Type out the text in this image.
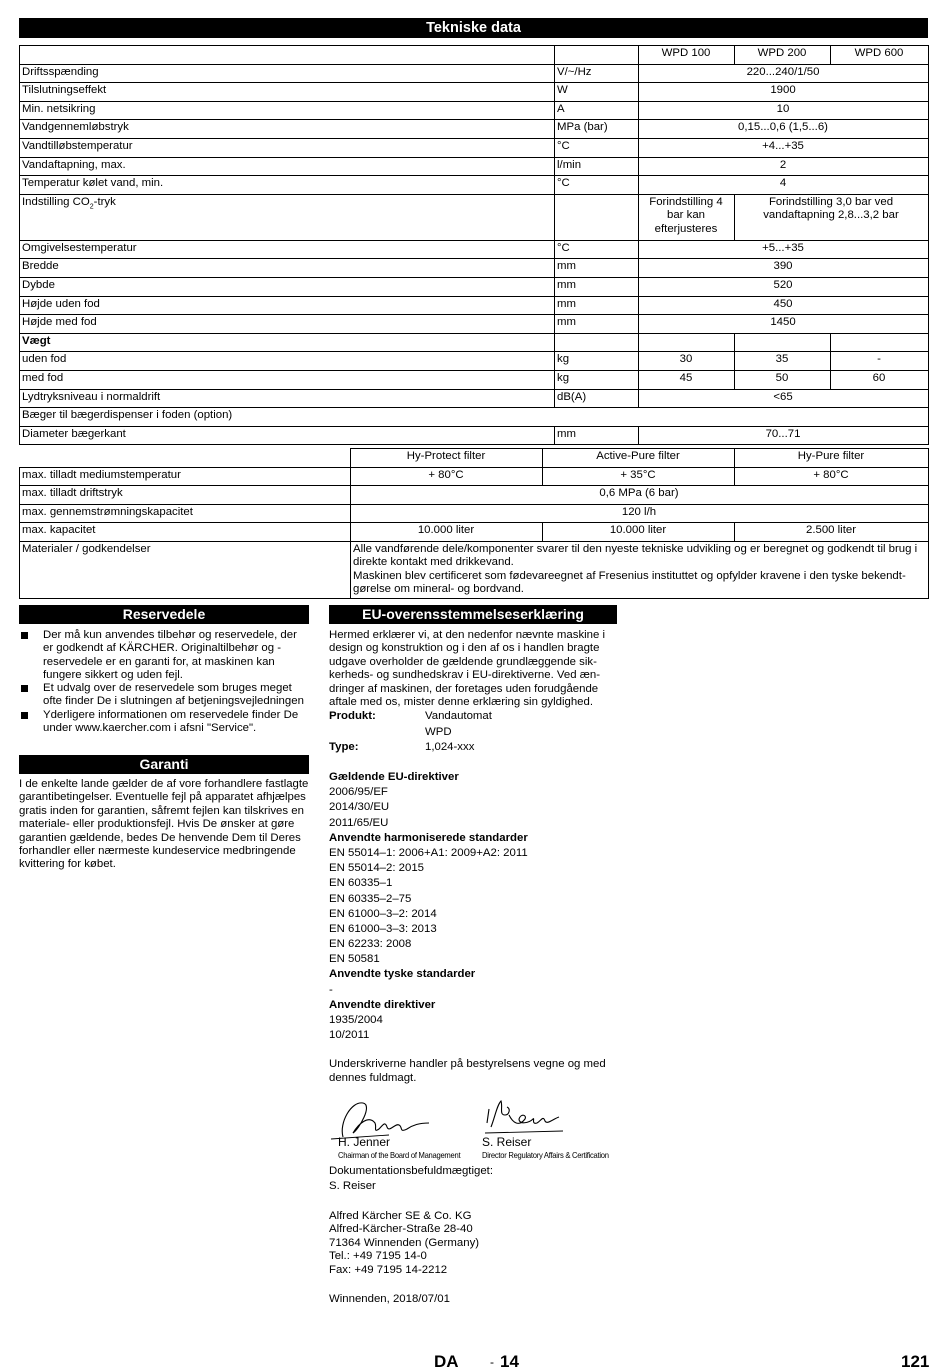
Tekniske data
		WPD 100	WPD 200	WPD 600
Driftsspænding	V/~/Hz	220...240/1/50		
Tilslutningseffekt	W	1900		
Min. netsikring	A	10		
Vandgennemløbstryk	MPa (bar)	0,15...0,6 (1,5...6)		
Vandtilløbstemperatur	°C	+4...+35		
Vandaftapning, max.	l/min	2		
Temperatur kølet vand, min.	°C	4		
Indstilling $CO_2$-tryk		Forindstilling 4 bar kan efterjusteres	Forindstilling 3,0 bar ved vandaftapning 2,8...3,2 bar	
Omgivelsestemperatur	°C	+5...+35		
Bredde	mm	390		
Dybde	mm	520		
Højde uden fod	mm	450		
Højde med fod	mm	1450		
Vægt				
uden fod	kg	30	35	-
med fod	kg	45	50	60
Lydtryksniveau i normaldrift	dB(A)	<65		
Bæger til bægerdispenser i foden (option)				
Diameter bægerkant	mm	70...71		
	Hy-Protect filter	Active-Pure filter	Hy-Pure filter
max. tilladt mediumstemperatur	+ 80°C	+ 35°C	+ 80°C
max. tilladt driftstryk	0,6 MPa (6 bar)		
max. gennemstrømningskapacitet	120 l/h		
max. kapacitet	10.000 liter	10.000 liter	2.500 liter
Materialer / godkendelser	Alle vandførende dele/komponenter svarer til den nyeste tekniske udvikling og er beregnet og godkendt til brug i direkte kontakt med drikkevand.
Maskinen blev certificeret som fødevareegnet af Fresenius instituttet og opfylder kravene i den tyske bekendtgørelse om mineral- og bordvand.		
Reservedele
Der må kun anvendes tilbehør og reservedele, der er godkendt af KÄRCHER. Originaltilbehør og -reservedele er en garanti for, at maskinen kan fungere sikkert og uden fejl.
Et udvalg over de reservedele som bruges meget ofte finder De i slutningen af betjeningsvejledningen
Yderligere informationen om reservedele finder De under www.kaercher.com i afsni "Service".
Garanti
I de enkelte lande gælder de af vore forhandlere fastlagte garantibetingelser. Eventuelle fejl på apparatet afhjælpes gratis inden for garantien, såfremt fejlen kan tilskrives en materiale- eller produktionsfejl. Hvis De ønsker at gøre garantien gældende, bedes De henvende Dem til Deres forhandler eller nærmeste kundeservice medbringende kvittering for købet.
EU-overensstemmelseserklæring

Hermed erklærer vi, at den nedenfor nævnte maskine i design og konstruktion og i den af os i handlen bragte udgave overholder de gældende grundlæggende sikkerheds- og sundhedskrav i EU-direktiverne. Ved ændringer af maskinen, der foretages uden forudgående aftale med os, mister denne erklæring sin gyldighed.

Produkt:	Vandautomat
WPD
Type:	1,024-xxx
Gældende EU-direktiver
2006/95/EF
2014/30/EU
2011/65/EU
Anvendte harmoniserede standarder
EN 55014–1: 2006+A1: 2009+A2: 2011
EN 55014–2: 2015
EN 60335–1
EN 60335–2–75
EN 61000–3–2: 2014
EN 61000–3–3: 2013
EN 62233: 2008
EN 50581
Anvendte tyske standarder
-
Anvendte direktiver
1935/2004
10/2011

Underskriverne handler på bestyrelsens vegne og med dennes fuldmagt.

H. Jenner
Chairman of the Board of Management
S. Reiser
Director Regulatory Affairs & Certification
Dokumentationsbefuldmægtiget:
S. Reiser
Alfred Kärcher SE & Co. KG
Alfred-Kärcher-Straße 28-40
71364 Winnenden (Germany)
Tel.: +49 7195 14-0
Fax: +49 7195 14-2212
Winnenden, 2018/07/01
DA	- 14	121
